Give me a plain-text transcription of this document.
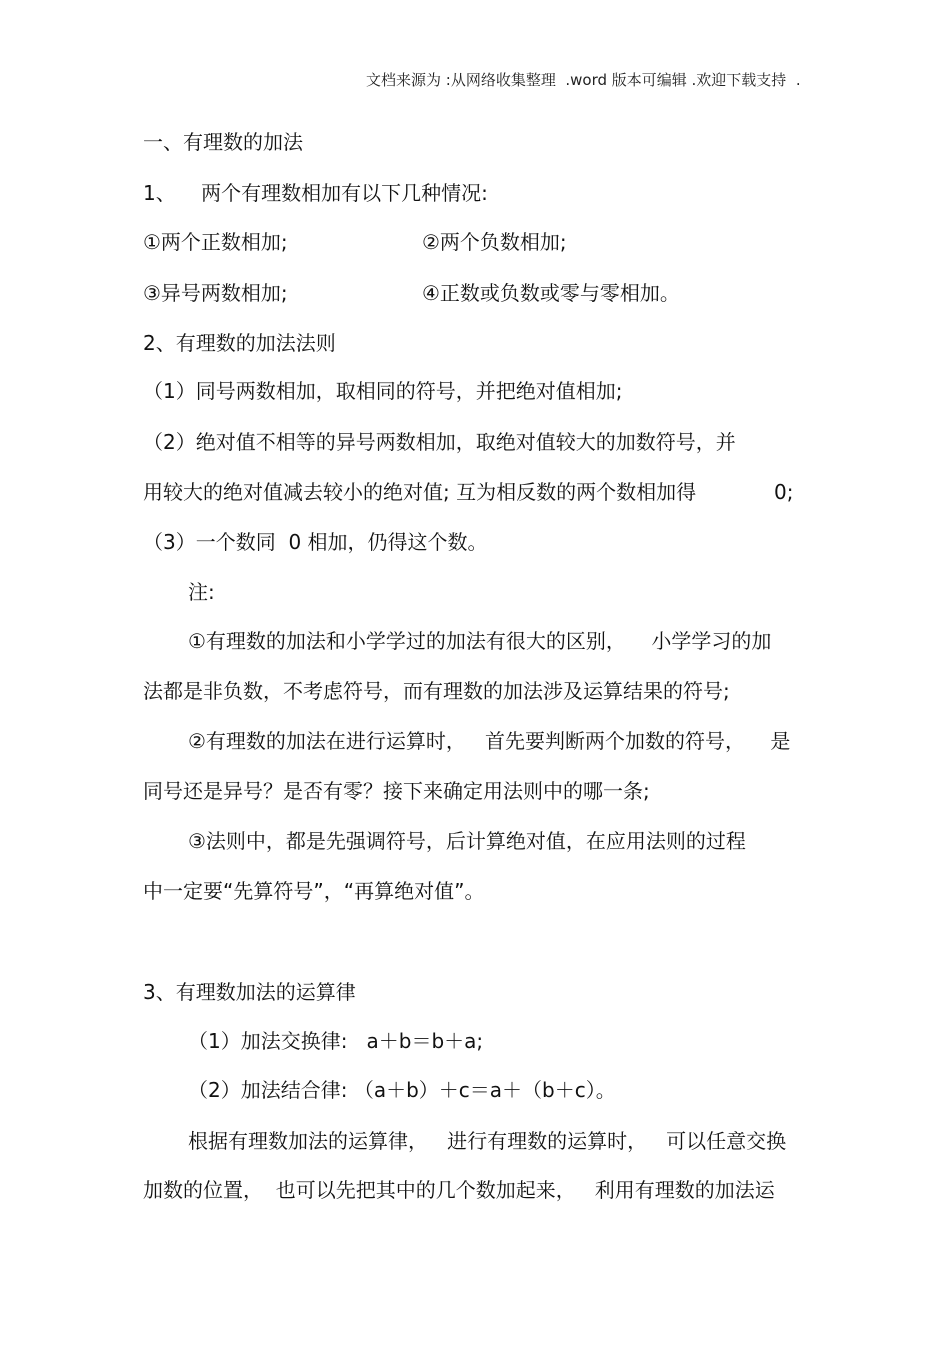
文档来源为 :从网络收集整理  .word 版本可编辑 .欢迎下载支持  .
一、有理数的加法
1、    两个有理数相加有以下几种情况:
①两个正数相加;	②两个负数相加;
③异号两数相加;	④正数或负数或零与零相加。
2、有理数的加法法则
（1）同号两数相加，取相同的符号，并把绝对值相加;
（2）绝对值不相等的异号两数相加，取绝对值较大的加数符号，并
用较大的绝对值减去较小的绝对值; 互为相反数的两个数相加得	0;
（3）一个数同  0 相加，仍得这个数。
注:
①有理数的加法和小学学过的加法有很大的区别，    小学学习的加
法都是非负数，不考虑符号，而有理数的加法涉及运算结果的符号;
②有理数的加法在进行运算时，   首先要判断两个加数的符号，    是
同号还是异号？是否有零？接下来确定用法则中的哪一条;
③法则中，都是先强调符号，后计算绝对值，在应用法则的过程
中一定要“先算符号”，“再算绝对值”。
3、有理数加法的运算律
（1）加法交换律:   a＋b＝b＋a;
（2）加法结合律: （a＋b）＋c＝a＋（b＋c）。
根据有理数加法的运算律，   进行有理数的运算时，   可以任意交换
加数的位置，  也可以先把其中的几个数加起来，   利用有理数的加法运
